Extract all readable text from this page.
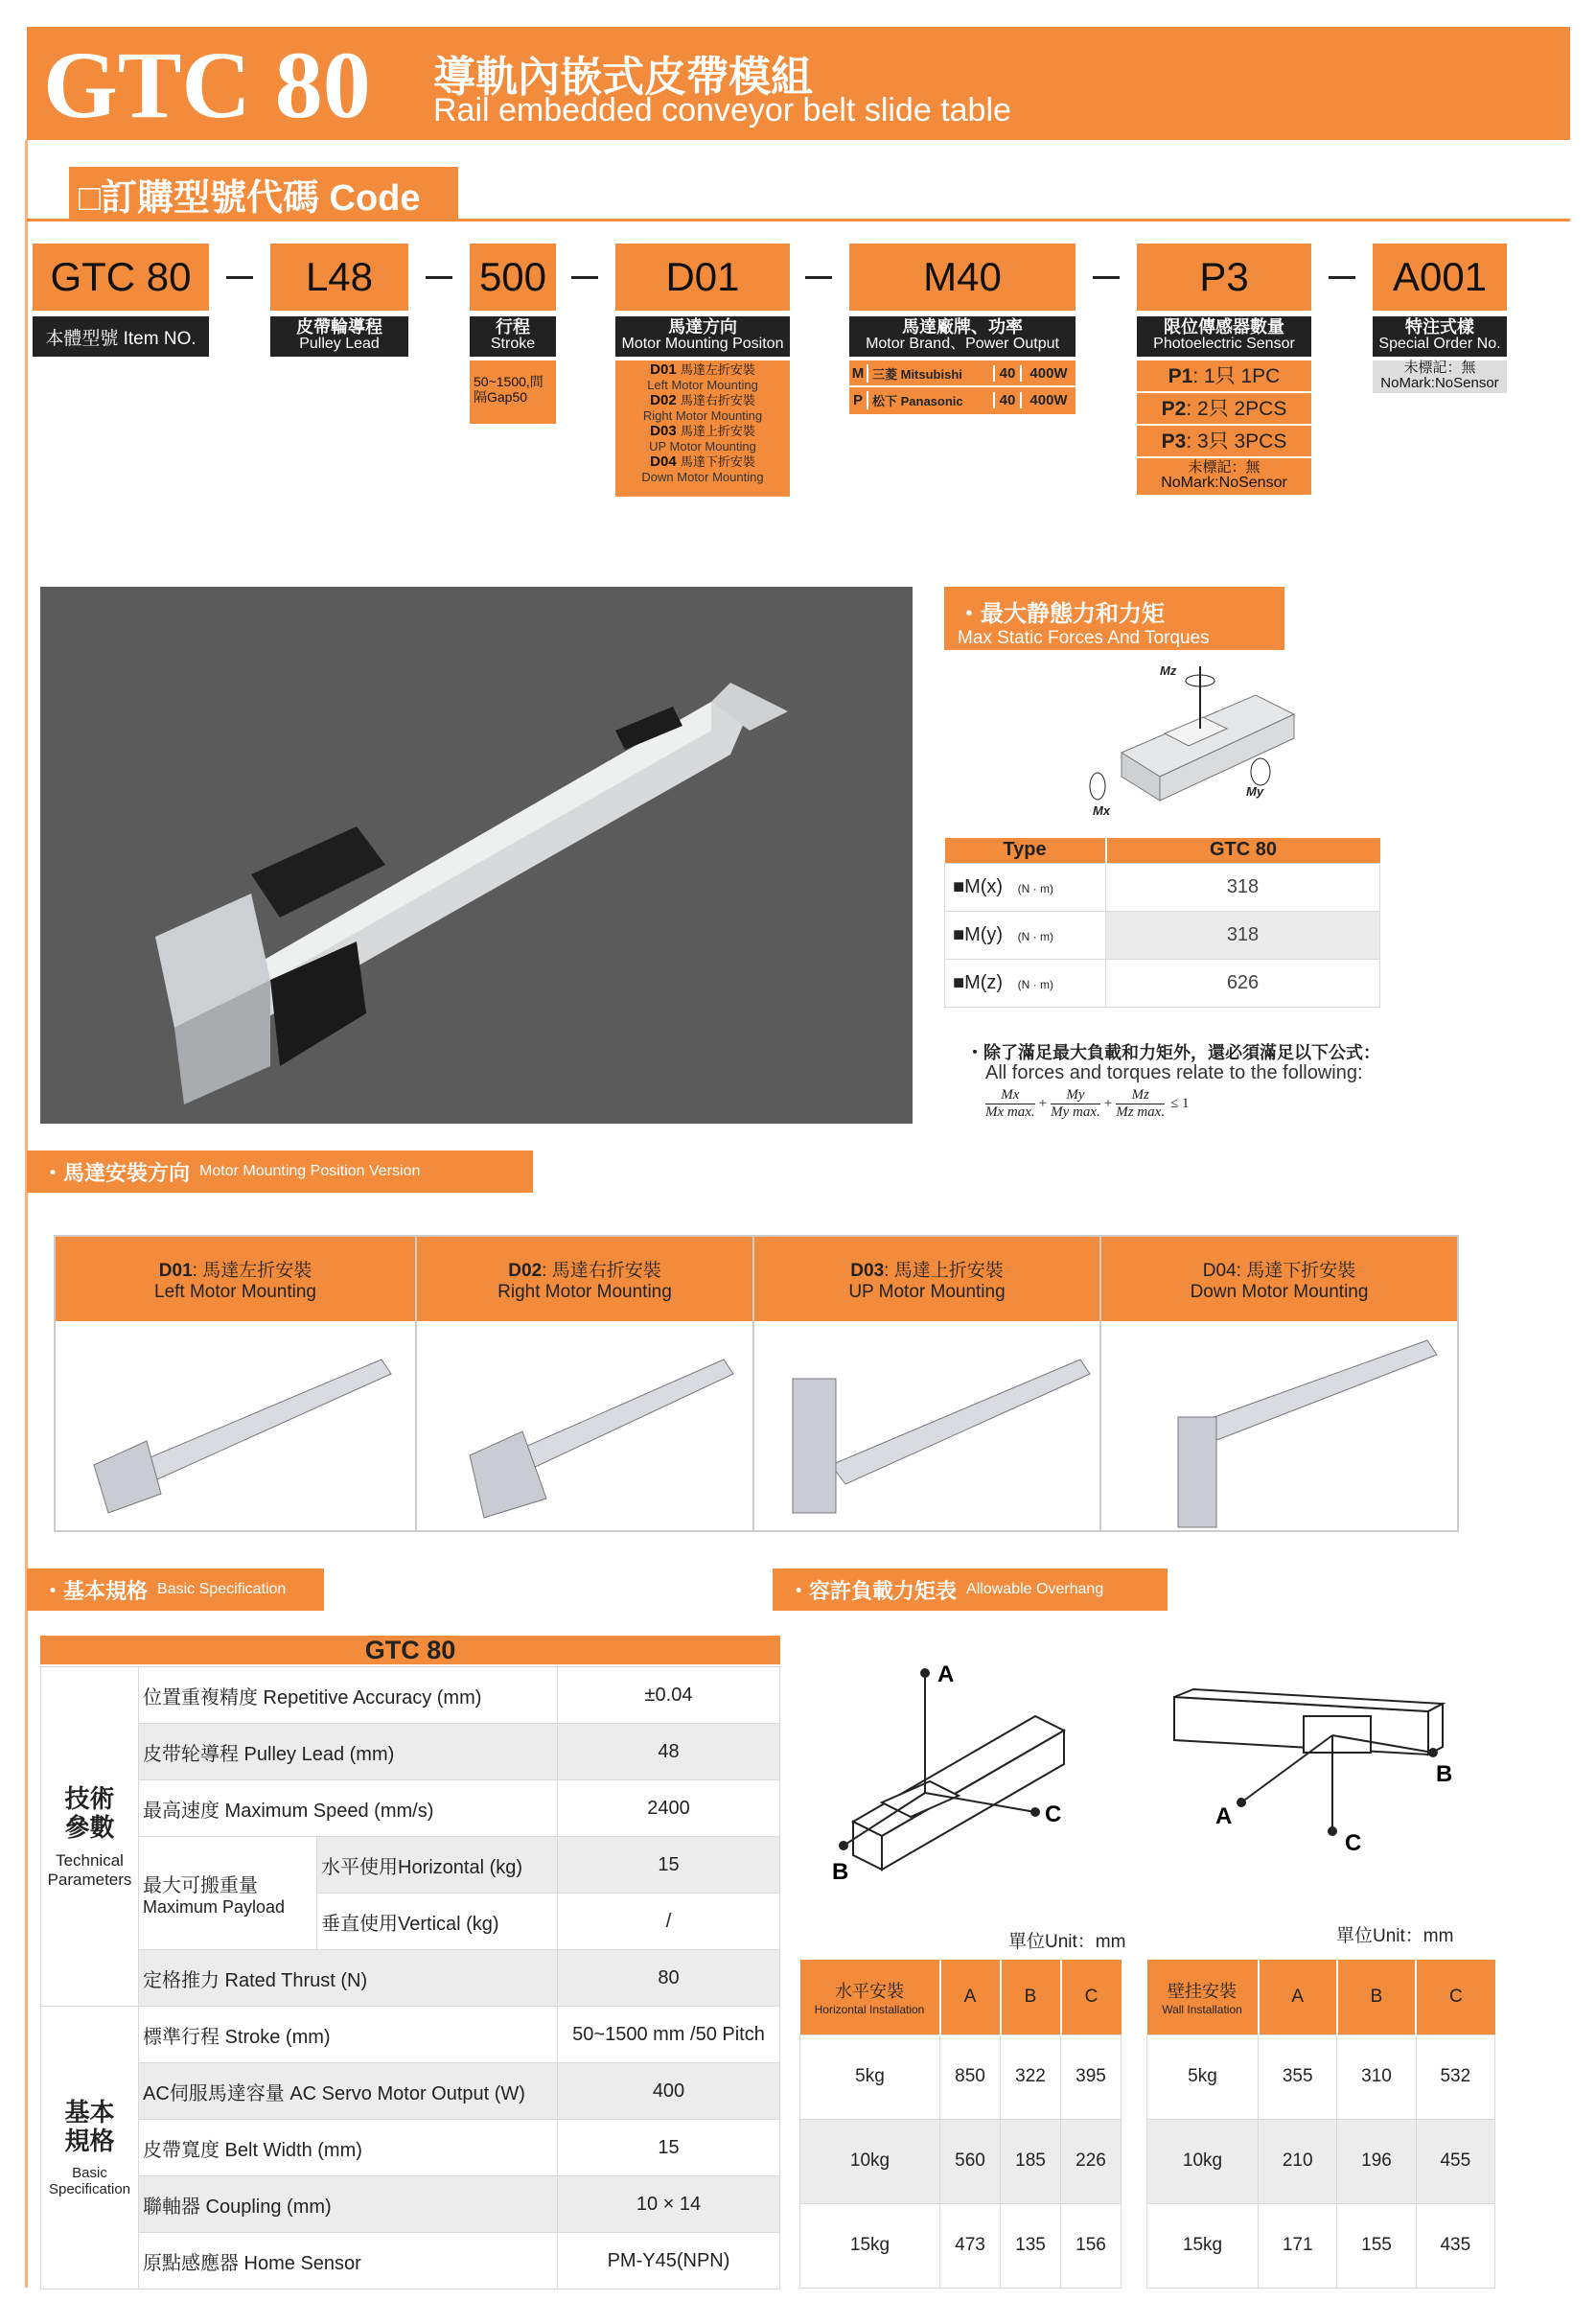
GTC 80 導軌內嵌式皮帶模組
Rail embedded conveyor belt slide table
□訂購型號代碼 Code
GTC 80
本體型號 Item NO.
L48
皮帶輪導程
Pulley Lead
500
行程
Stroke
50~1500,間隔Gap50
D01
馬達方向
Motor Mounting Positon
D01 馬達左折安裝
Left Motor Mounting
D02 馬達右折安裝
Right Motor Mounting
D03 馬達上折安裝
UP Motor Mounting
D04 馬達下折安裝
Down Motor Mounting
M40
馬達廠牌、功率
Motor Brand、Power Output
M 三菱 Mitsubishi	40	400W
P 松下 Panasonic	40	400W
P3
限位傳感器數量
Photoelectric Sensor
P1: 1只 1PC
P2: 2只 2PCS
P3: 3只 3PCS
未標記：無
NoMark:NoSensor
A001
特注式樣
Special Order No.
未標記：無
NoMark:NoSensor
・最大静態力和力矩
Max Static Forces And Torques
Mz
Mx
My
Type	GTC 80
■M(x) (N · m)	318
■M(y) (N · m)	318
■M(z) (N · m)	626
・除了滿足最大負載和力矩外，還必須滿足以下公式：
All forces and torques relate to the following:
Mx
Mx max.
+
My
My max.
+
Mz
Mz max.
≤ 1
・ 馬達安裝方向 Motor Mounting Position Version
D01: 馬達左折安裝
Left Motor Mounting
D02: 馬達右折安裝
Right Motor Mounting
D03: 馬達上折安裝
UP Motor Mounting
D04: 馬達下折安裝
Down Motor Mounting
・ 基本規格 Basic Specification
GTC 80
技術
參數
Technical Parameters	位置重複精度 Repetitive Accuracy (mm)		±0.04
	皮带轮導程 Pulley Lead (mm)		48
	最高速度 Maximum Speed (mm/s)		2400

	最大可搬重量
Maximum Payload	水平使用Horizontal (kg)	15
		垂直使用Vertical (kg)	/
	定格推力 Rated Thrust (N)		80

基本
規格
Basic Specification	標準行程 Stroke (mm)		50~1500 mm /50 Pitch
	AC伺服馬達容量 AC Servo Motor Output (W)		400
	皮帶寬度 Belt Width (mm)		15
	聯軸器 Coupling (mm)		10 × 14
	原點感應器 Home Sensor		PM-Y45(NPN)
・ 容許負載力矩表 Allowable Overhang
A
C
B
B
A
C
單位Unit：mm	單位Unit：mm
水平安裝
Horizontal Installation	A	B	C
5kg	850	322	395
10kg	560	185	226
15kg	473	135	156
壁挂安裝
Wall Installation	A	B	C
5kg	355	310	532
10kg	210	196	455
15kg	171	155	435
